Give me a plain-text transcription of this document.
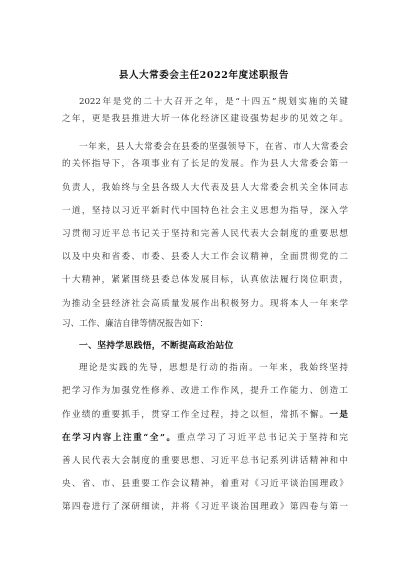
县人大常委会主任2022年度述职报告
2022年是党的二十大召开之年，是“十四五”规划实施的关键
之年，更是我县推进大圻一体化经济区建设强势起步的见效之年。
一年来，县人大常委会在县委的坚强领导下，在省、市人大常委会
的关怀指导下，各项事业有了长足的发展。作为县人大常委会第一
负责人，我始终与全县各级人大代表及县人大常委会机关全体同志
一道，坚持以习近平新时代中国特色社会主义思想为指导，深入学
习贯彻习近平总书记关于坚持和完善人民代表大会制度的重要思想
以及中央和省委、市委、县委人大工作会议精神，全面贯彻党的二
十大精神，紧紧围绕县委总体发展目标，认真依法履行岗位职责，
为推动全县经济社会高质量发展作出积极努力。现将本人一年来学
习、工作、廉洁自律等情况报告如下：
一、坚持学思践悟，不断提高政治站位
理论是实践的先导，思想是行动的指南。一年来，我始终坚持
把学习作为加强党性修养、改进工作作风，提升工作能力、创造工
作业绩的重要抓手，贯穿工作全过程，持之以恒，常抓不懈。一是
在学习内容上注重“全”。重点学习了习近平总书记关于坚持和完
善人民代表大会制度的重要思想、习近平总书记系列讲话精神和中
央、省、市、县重要工作会议精神，着重对《习近平谈治国理政》
第四卷进行了深研细读，并将《习近平谈治国理政》第四卷与第一
